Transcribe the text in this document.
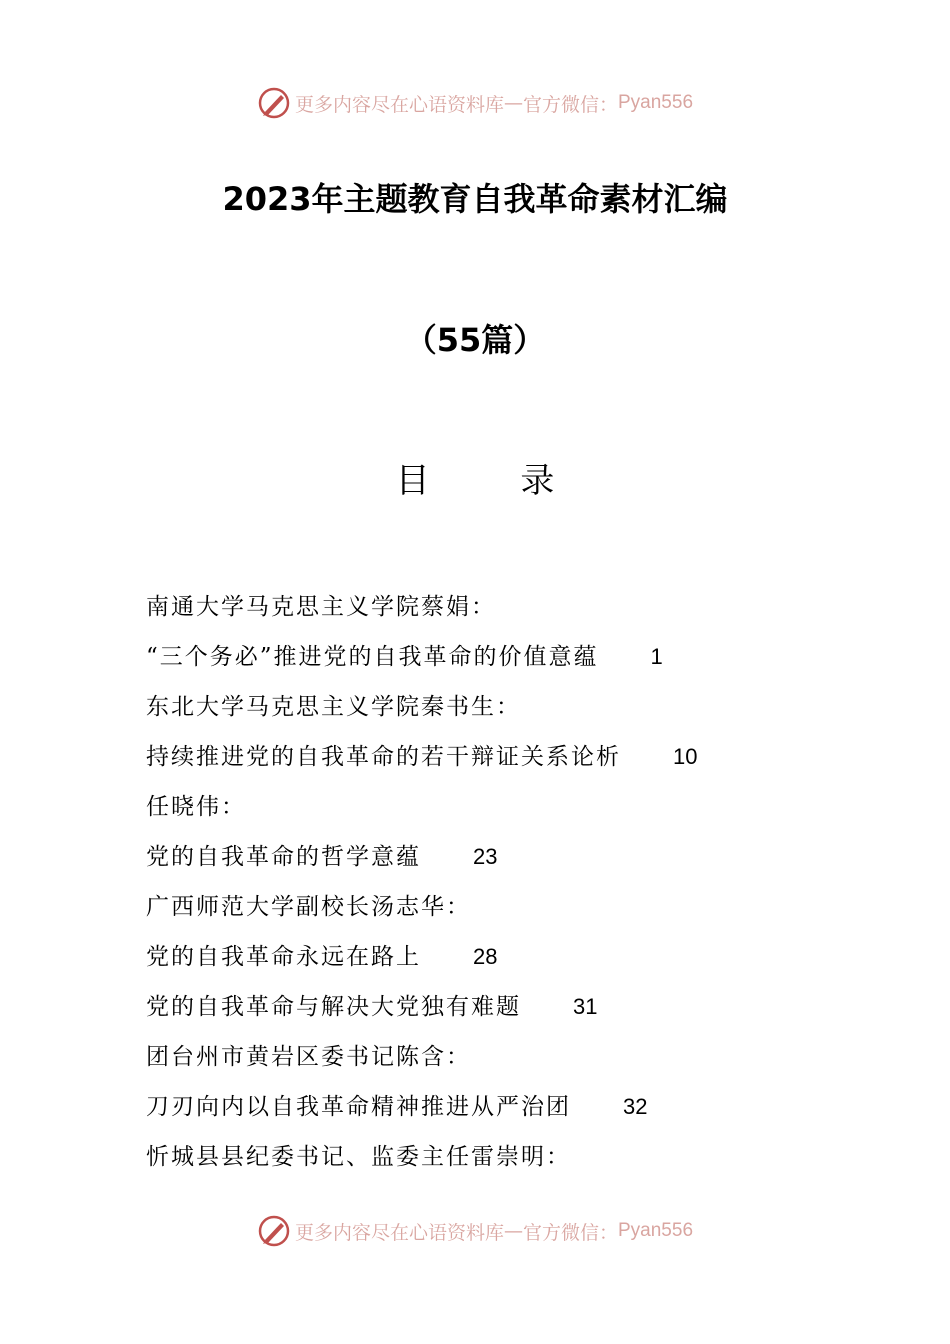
更多内容尽在心语资料库 — 官方微信： Pyan556
2023年主题教育自我革命素材汇编
（55篇）
目 录
南通大学马克思主义学院蔡娟：
“三个务必”推进党的自我革命的价值意蕴 1
东北大学马克思主义学院秦书生：
持续推进党的自我革命的若干辩证关系论析 10
任晓伟：
党的自我革命的哲学意蕴 23
广西师范大学副校长汤志华：
党的自我革命永远在路上 28
党的自我革命与解决大党独有难题 31
团台州市黄岩区委书记陈含：
刀刃向内以自我革命精神推进从严治团 32
忻城县县纪委书记、监委主任雷崇明：
更多内容尽在心语资料库 — 官方微信： Pyan556
